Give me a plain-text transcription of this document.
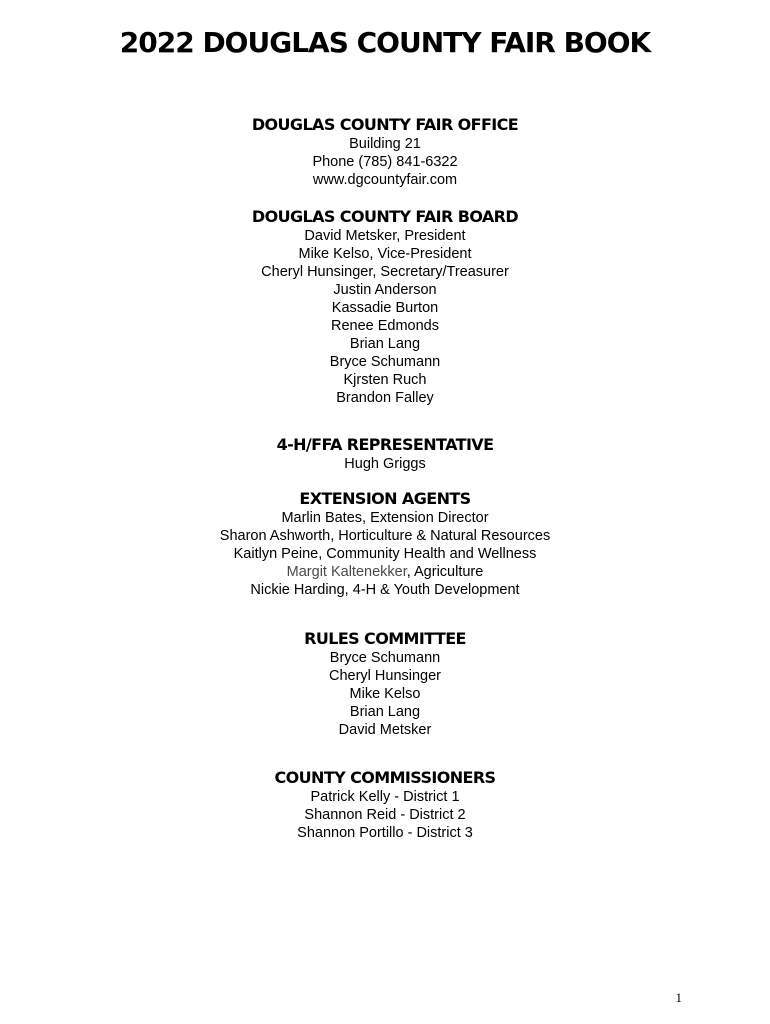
2022 DOUGLAS COUNTY FAIR BOOK
DOUGLAS COUNTY FAIR OFFICE
Building 21
Phone (785) 841-6322
www.dgcountyfair.com
DOUGLAS COUNTY FAIR BOARD
David Metsker, President
Mike Kelso, Vice-President
Cheryl Hunsinger, Secretary/Treasurer
Justin Anderson
Kassadie Burton
Renee Edmonds
Brian Lang
Bryce Schumann
Kjrsten Ruch
Brandon Falley
4-H/FFA REPRESENTATIVE
Hugh Griggs
EXTENSION AGENTS
Marlin Bates, Extension Director
Sharon Ashworth, Horticulture & Natural Resources
Kaitlyn Peine, Community Health and Wellness
Margit Kaltenekker, Agriculture
Nickie Harding, 4-H & Youth Development
RULES COMMITTEE
Bryce Schumann
Cheryl Hunsinger
Mike Kelso
Brian Lang
David Metsker
COUNTY COMMISSIONERS
Patrick Kelly - District 1
Shannon Reid - District 2
Shannon Portillo - District 3
1
